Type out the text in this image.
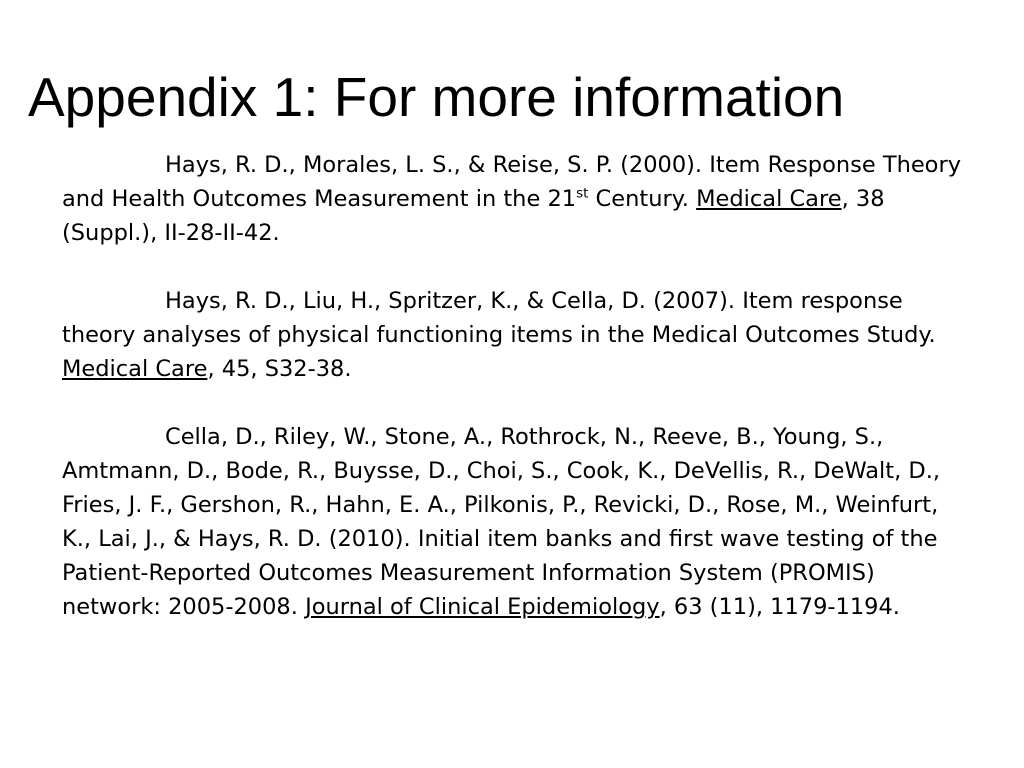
Appendix 1: For more information

Hays, R. D., Morales, L. S., & Reise, S. P. (2000). Item Response Theory and Health Outcomes Measurement in the 21st Century. Medical Care, 38 (Suppl.), II-28-II-42.

Hays, R. D., Liu, H., Spritzer, K., & Cella, D. (2007). Item response theory analyses of physical functioning items in the Medical Outcomes Study. Medical Care, 45, S32-38.

Cella, D., Riley, W., Stone, A., Rothrock, N., Reeve, B., Young, S., Amtmann, D., Bode, R., Buysse, D., Choi, S., Cook, K., DeVellis, R., DeWalt, D., Fries, J. F., Gershon, R., Hahn, E. A., Pilkonis, P., Revicki, D., Rose, M., Weinfurt, K., Lai, J., & Hays, R. D. (2010). Initial item banks and first wave testing of the Patient-Reported Outcomes Measurement Information System (PROMIS) network: 2005-2008. Journal of Clinical Epidemiology, 63 (11), 1179-1194.
